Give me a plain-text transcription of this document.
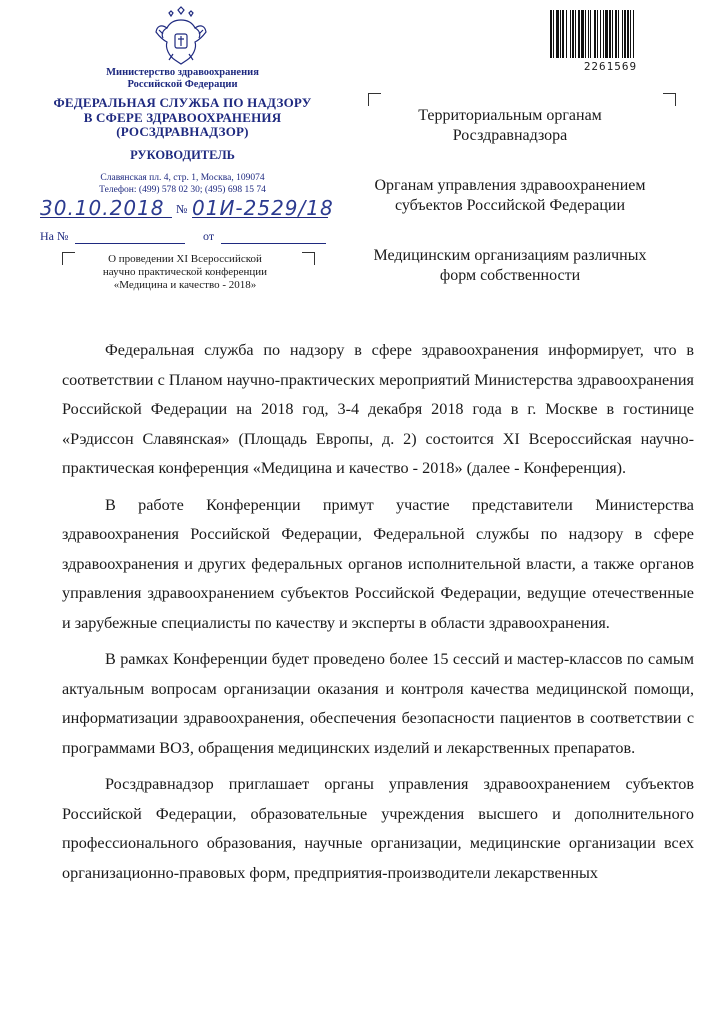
Министерство здравоохранения
Российской Федерации
ФЕДЕРАЛЬНАЯ СЛУЖБА ПО НАДЗОРУ
В СФЕРЕ ЗДРАВООХРАНЕНИЯ
(РОСЗДРАВНАДЗОР)
РУКОВОДИТЕЛЬ
Славянская пл. 4, стр. 1, Москва, 109074
Телефон: (499) 578 02 30; (495) 698 15 74
30.10.2018 № 01И-2529/18
На №	от
О проведении XI Всероссийской
научно практической конференции
«Медицина и качество - 2018»
2261569
Территориальным органам
Росздравнадзора
Органам управления здравоохранением
субъектов Российской Федерации
Медицинским организациям различных
форм собственности

Федеральная служба по надзору в сфере здравоохранения информирует, что в соответствии с Планом научно-практических мероприятий Министерства здравоохранения Российской Федерации на 2018 год, 3-4 декабря 2018 года в г. Москве в гостинице «Рэдиссон Славянская» (Площадь Европы, д. 2) состоится XI Всероссийская научно-практическая конференция «Медицина и качество - 2018» (далее - Конференция).

В работе Конференции примут участие представители Министерства здравоохранения Российской Федерации, Федеральной службы по надзору в сфере здравоохранения и других федеральных органов исполнительной власти, а также органов управления здравоохранением субъектов Российской Федерации, ведущие отечественные и зарубежные специалисты по качеству и эксперты в области здравоохранения.

В рамках Конференции будет проведено более 15 сессий и мастер-классов по самым актуальным вопросам организации оказания и контроля качества медицинской помощи, информатизации здравоохранения, обеспечения безопасности пациентов в соответствии с программами ВОЗ, обращения медицинских изделий и лекарственных препаратов.

Росздравнадзор приглашает органы управления здравоохранением субъектов Российской Федерации, образовательные учреждения высшего и дополнительного профессионального образования, научные организации, медицинские организации всех организационно-правовых форм, предприятия-производители лекарственных
